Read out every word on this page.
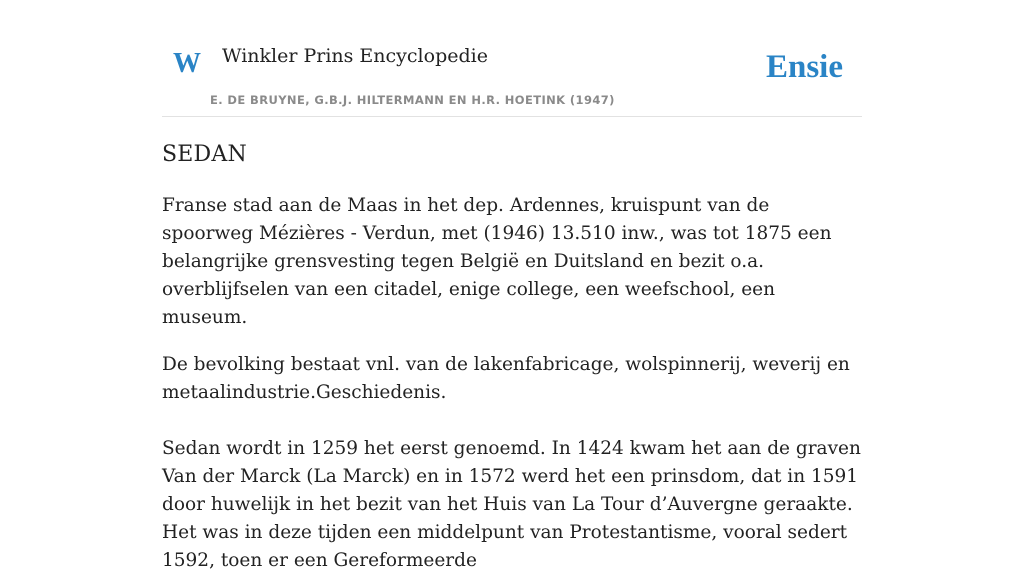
W Winkler Prins Encyclopedie
E. DE BRUYNE, G.B.J. HILTERMANN EN H.R. HOETINK (1947)
Ensie
SEDAN

Franse stad aan de Maas in het dep. Ardennes, kruispunt van de spoorweg Mézières - Verdun, met (1946) 13.510 inw., was tot 1875 een belangrijke grensvesting tegen België en Duitsland en bezit o.a. overblijfselen van een citadel, enige college, een weefschool, een museum.

De bevolking bestaat vnl. van de lakenfabricage, wolspinnerij, weverij en metaalindustrie.Geschiedenis.

Sedan wordt in 1259 het eerst genoemd. In 1424 kwam het aan de graven Van der Marck (La Marck) en in 1572 werd het een prinsdom, dat in 1591 door huwelijk in het bezit van het Huis van La Tour d’Auvergne geraakte. Het was in deze tijden een middelpunt van Protestantisme, vooral sedert 1592, toen er een Gereformeerde
